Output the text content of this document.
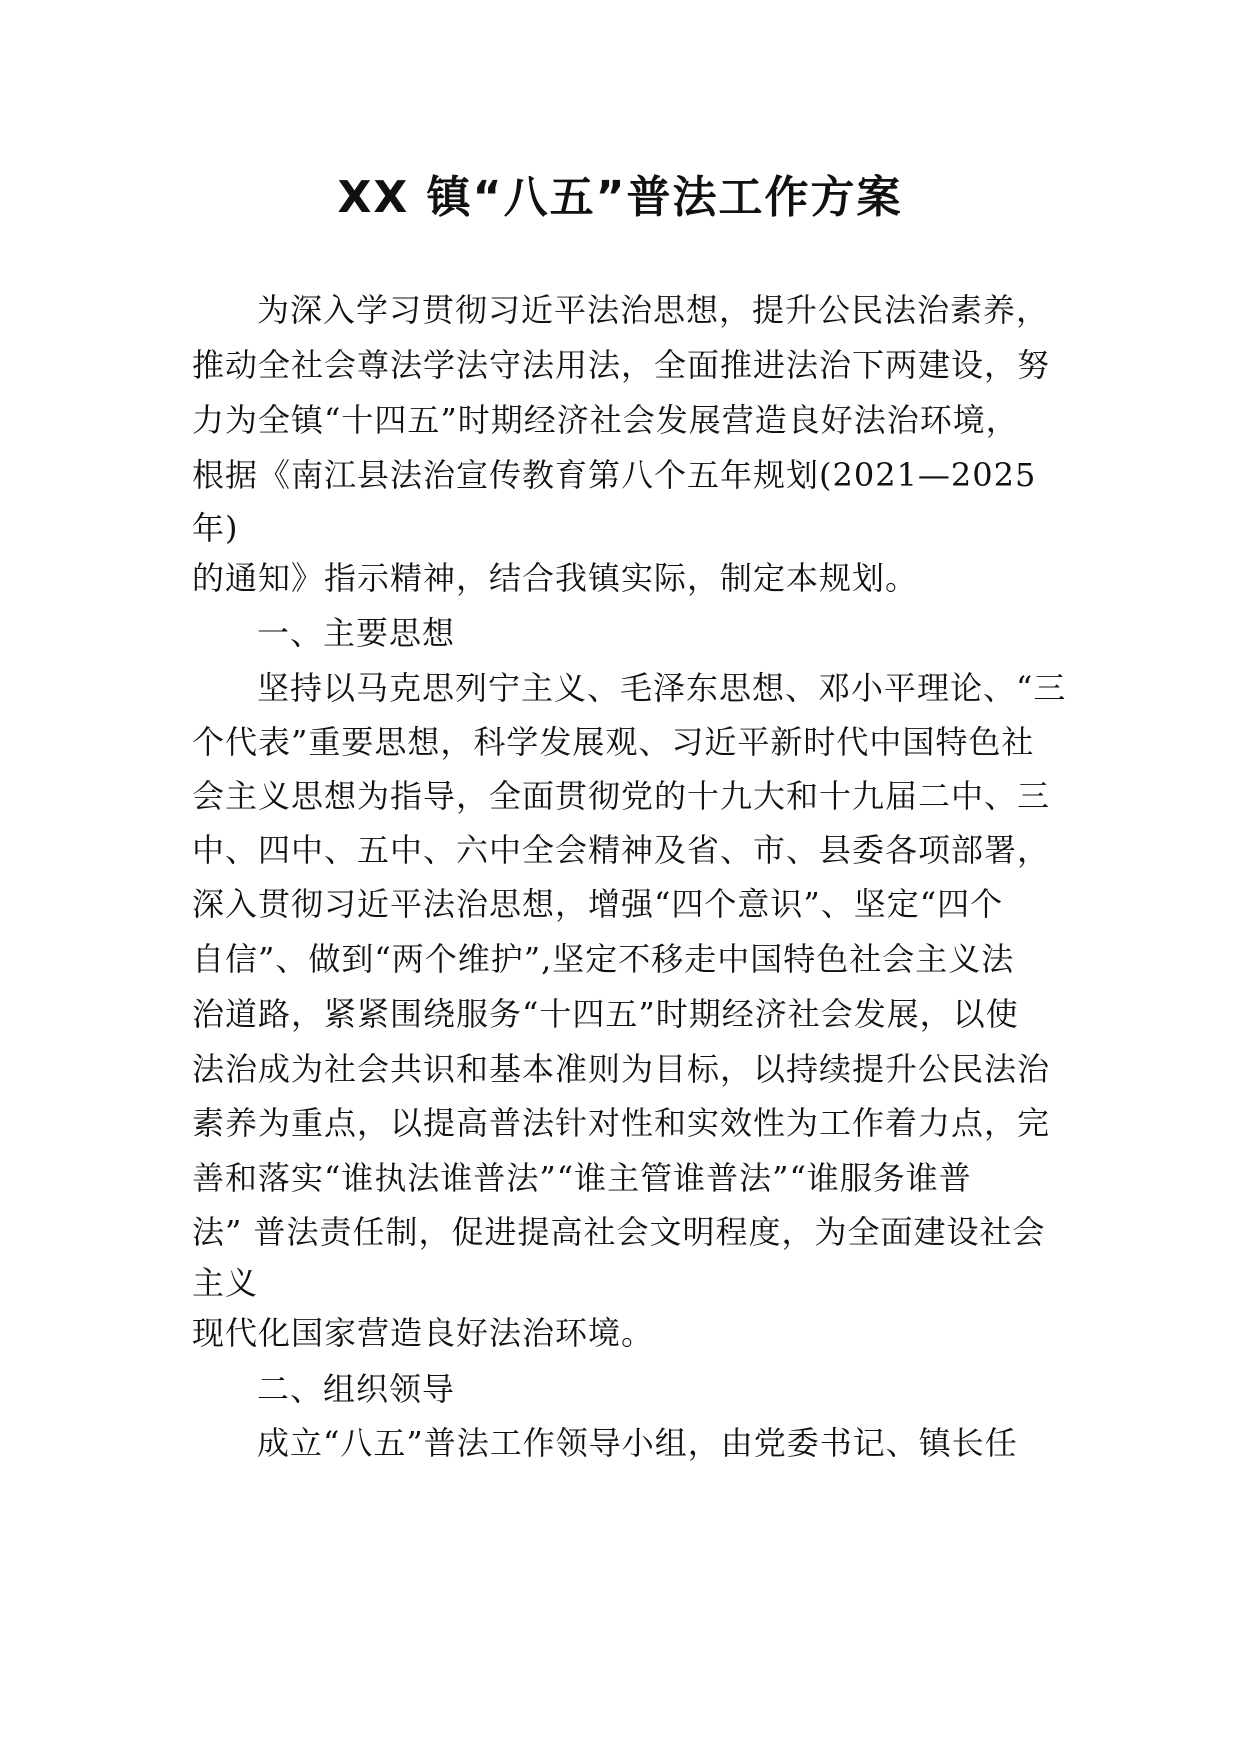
XX 镇“八五”普法工作方案
为深入学习贯彻习近平法治思想，提升公民法治素养，
推动全社会尊法学法守法用法，全面推进法治下两建设，努
力为全镇“十四五”时期经济社会发展营造良好法治环境，
根据《南江县法治宣传教育第八个五年规划(2021—2025
年)
的通知》指示精神，结合我镇实际，制定本规划。
一、主要思想
坚持以马克思列宁主义、毛泽东思想、邓小平理论、“三
个代表”重要思想，科学发展观、习近平新时代中国特色社
会主义思想为指导，全面贯彻党的十九大和十九届二中、三
中、四中、五中、六中全会精神及省、市、县委各项部署，
深入贯彻习近平法治思想，增强“四个意识”、坚定“四个
自信”、做到“两个维护”,坚定不移走中国特色社会主义法
治道路，紧紧围绕服务“十四五”时期经济社会发展，以使
法治成为社会共识和基本准则为目标，以持续提升公民法治
素养为重点，以提高普法针对性和实效性为工作着力点，完
善和落实“谁执法谁普法”“谁主管谁普法”“谁服务谁普
法” 普法责任制，促进提高社会文明程度，为全面建设社会
主义
现代化国家营造良好法治环境。
二、组织领导
成立“八五”普法工作领导小组，由党委书记、镇长任
